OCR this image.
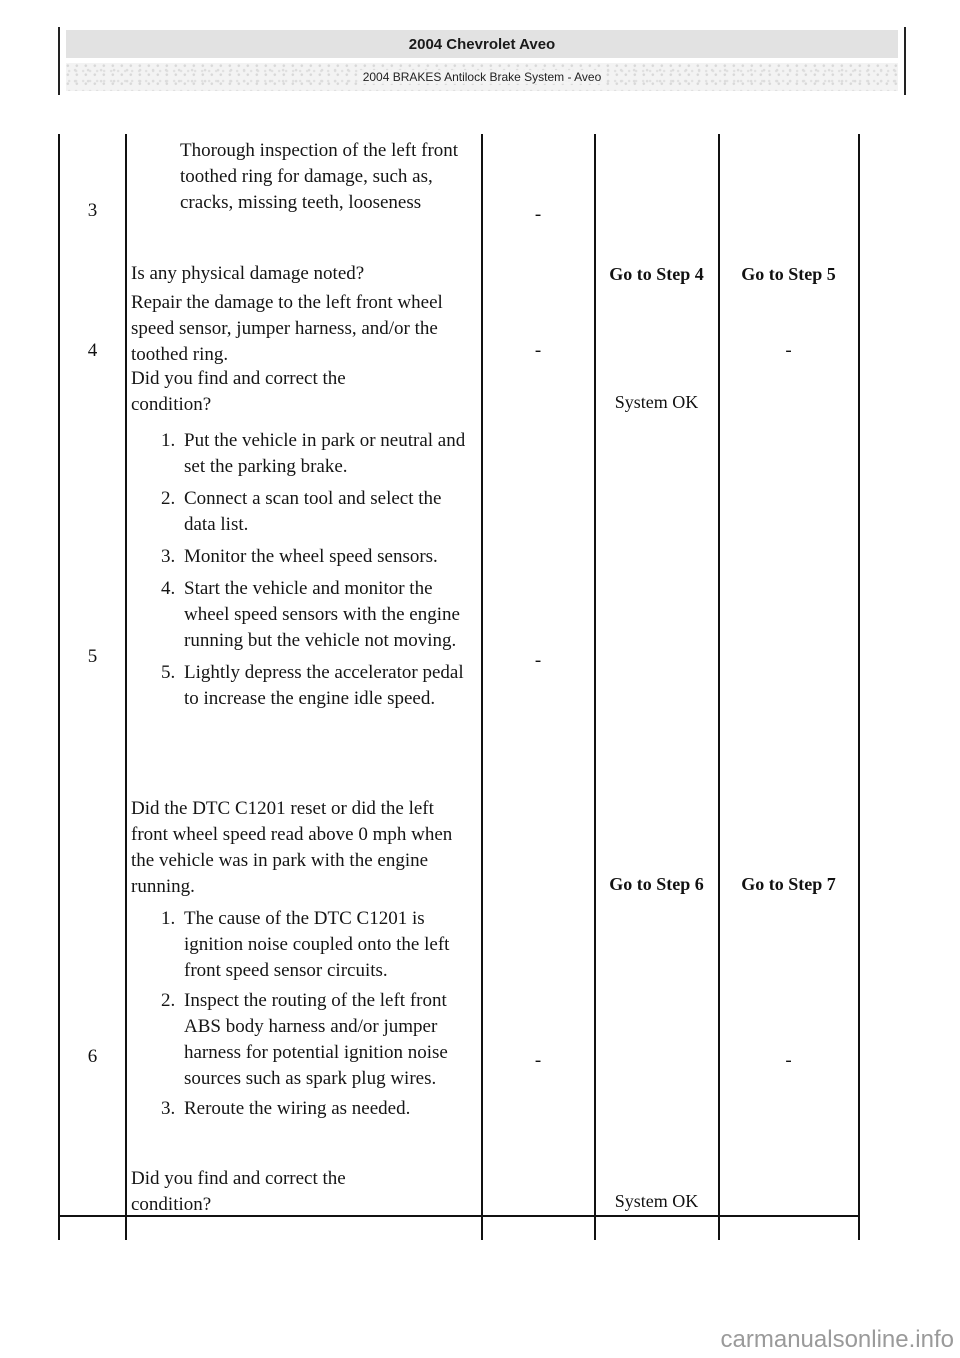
2004 Chevrolet Aveo
2004 BRAKES Antilock Brake System - Aveo
3
Thorough inspection of the left front toothed ring for damage, such as, cracks, missing teeth, looseness
Is any physical damage noted?
-
Go to Step 4	Go to Step 5
4
Repair the damage to the left front wheel speed sensor, jumper harness, and/or the toothed ring.
Did you find and correct the condition?
-
System OK
-
5
1. Put the vehicle in park or neutral and set the parking brake.
2. Connect a scan tool and select the data list.
3. Monitor the wheel speed sensors.
4. Start the vehicle and monitor the wheel speed sensors with the engine running but the vehicle not moving.
5. Lightly depress the accelerator pedal to increase the engine idle speed.
Did the DTC C1201 reset or did the left front wheel speed read above 0 mph when the vehicle was in park with the engine running.
-
Go to Step 6	Go to Step 7
6
1. The cause of the DTC C1201 is ignition noise coupled onto the left front speed sensor circuits.
2. Inspect the routing of the left front ABS body harness and/or jumper harness for potential ignition noise sources such as spark plug wires.
3. Reroute the wiring as needed.
Did you find and correct the condition?
-
System OK
-
carmanualsonline.info
